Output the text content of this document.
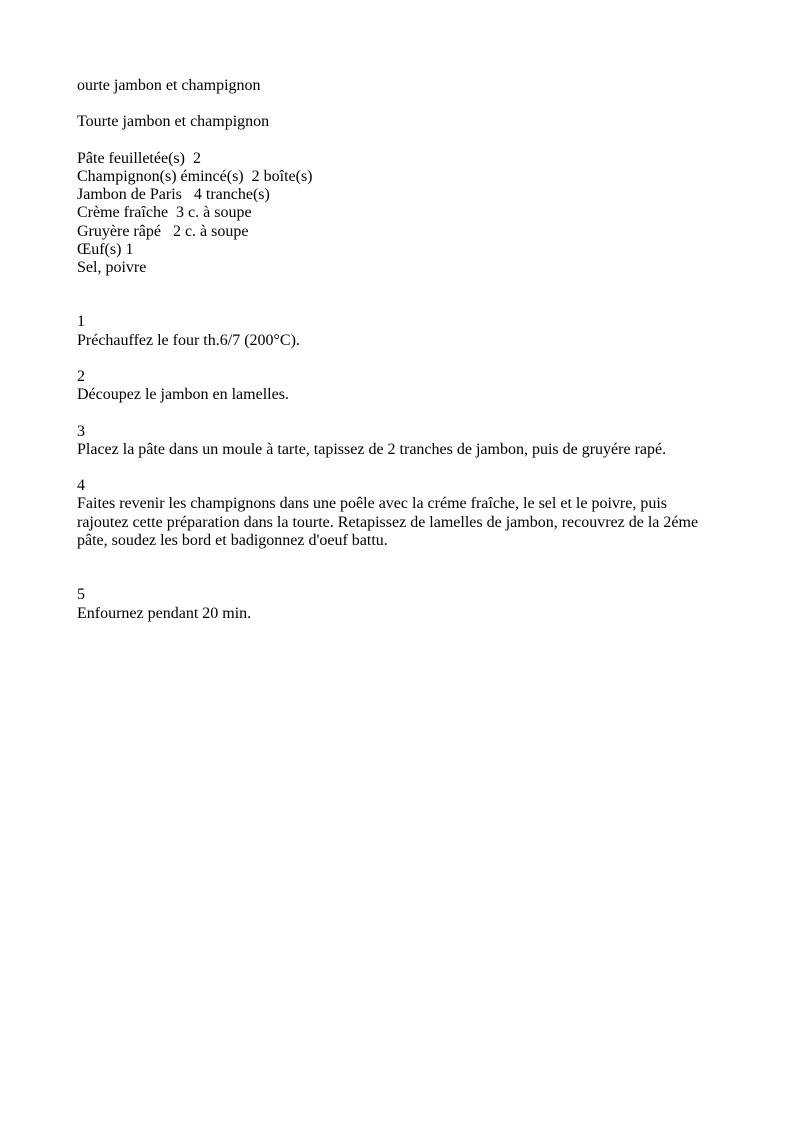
ourte jambon et champignon
Tourte jambon et champignon
Pâte feuilletée(s)  2
Champignon(s) émincé(s)  2 boîte(s)
Jambon de Paris   4 tranche(s)
Crème fraîche  3 c. à soupe
Gruyère râpé   2 c. à soupe
Œuf(s) 1
Sel, poivre
1
Préchauffez le four th.6/7 (200°C).
2
Découpez le jambon en lamelles.
3
Placez la pâte dans un moule à tarte, tapissez de 2 tranches de jambon, puis de gruyére rapé.
4
Faites revenir les champignons dans une poêle avec la créme fraîche, le sel et le poivre, puis rajoutez cette préparation dans la tourte. Retapissez de lamelles de jambon, recouvrez de la 2éme pâte, soudez les bord et badigonnez d'oeuf battu.
5
Enfournez pendant 20 min.
